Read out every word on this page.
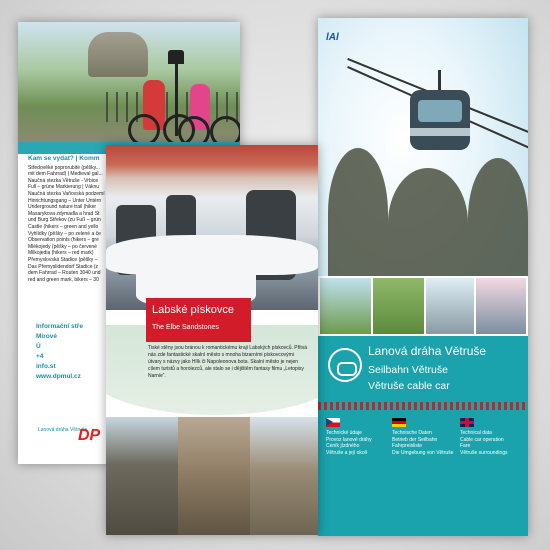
Kam se vydat? | Komm
Středověké poprorubité (pěšky...
mit dem Fahrrad) | Medieval gal...
Naučná stezka Větruše - Vrbice
Full – grüne Markierung | Váknu
Naučná stezka Vaňovská podzemí
Hinrichtungsgang – Unter Untérn
Underground nature trail (hiker
Masarykova zdymadla a hrad St
und Burg Střekov (zu Fuß – grün
Castle (hikers – green and yello
Vyhlídky (pěšky – po zelené a če
Observation points (hikers – gre
Mlékojedy (pěšky – po červené
Milkojedia (hikers – red mark)
Přemyslovská Stadice (pěšky –
Das Přemyslidendorf Stadice (z
dem Fahrrad – Routen 3040 und
red and green mark, bikers – 30
Informační stře
Mírové
Ú
+4
info.st
www.dpmul.cz
Lanová dráha Větruše
DP
lAl
Lanová dráha Větruše
Seilbahn Větruše
Větruše cable car
Technické údaje
Provoz lanové dráhy
Ceník jízdného
Větruše a její okolí
Technische Daten
Betrieb der Seilbahn
Fahrpreisliste
Die Umgebung von Větruše
Technical data
Cable car operation
Fare
Větruše surroundings
Labské pískovce
The Elbe Sandstones
Tiské stěny jsou bránou k romantickému kraji Labských pískovců. Přitvá nás zde fantastické skalní město s mnoha bizarními pískovcovými útvary s názvy jako Hlík či Napoleonova bota. Skalní město je nejen cílem turistů a horolezců, ale stalo se i dějištěm fantasy filmu „Letopisy Narnie“.
